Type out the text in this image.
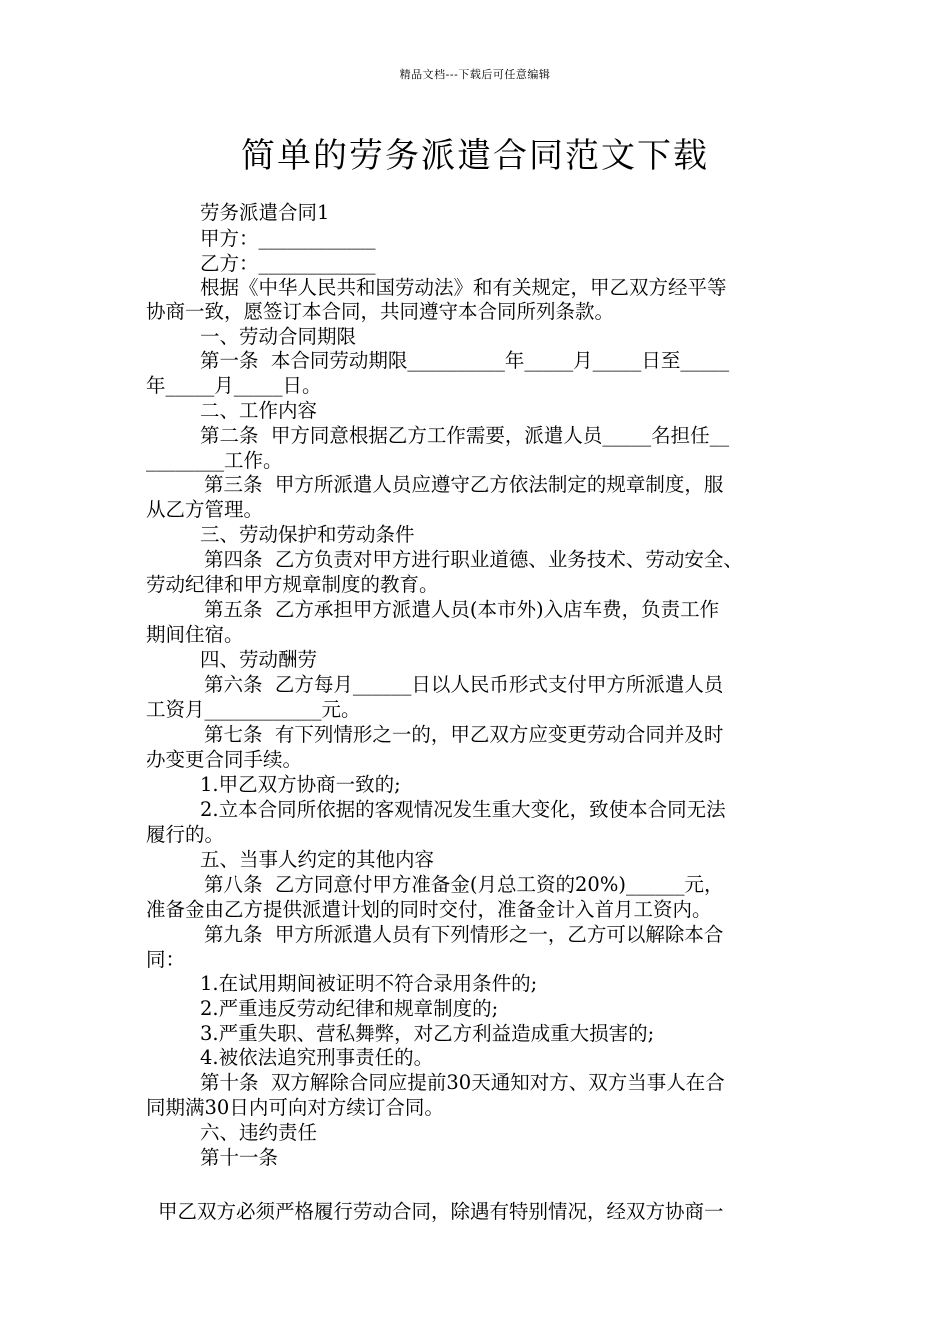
精品文档---下载后可任意编辑
简单的劳务派遣合同范文下载
劳务派遣合同1
甲方：____________
乙方：____________
根据《中华人民共和国劳动法》和有关规定，甲乙双方经平等
协商一致，愿签订本合同，共同遵守本合同所列条款。
一、劳动合同期限
第一条  本合同劳动期限__________年_____月_____日至_____
年_____月_____日。
二、工作内容
第二条  甲方同意根据乙方工作需要，派遣人员_____名担任__
________工作。
第三条  甲方所派遣人员应遵守乙方依法制定的规章制度，服
从乙方管理。
三、劳动保护和劳动条件
第四条  乙方负责对甲方进行职业道德、业务技术、劳动安全、
劳动纪律和甲方规章制度的教育。
第五条  乙方承担甲方派遣人员(本市外)入店车费，负责工作
期间住宿。
四、劳动酬劳
第六条  乙方每月______日以人民币形式支付甲方所派遣人员
工资月____________元。
第七条  有下列情形之一的，甲乙双方应变更劳动合同并及时
办变更合同手续。
1.甲乙双方协商一致的;
2.立本合同所依据的客观情况发生重大变化，致使本合同无法
履行的。
五、当事人约定的其他内容
第八条  乙方同意付甲方准备金(月总工资的20%)______元，
准备金由乙方提供派遣计划的同时交付，准备金计入首月工资内。
第九条  甲方所派遣人员有下列情形之一，乙方可以解除本合
同：
1.在试用期间被证明不符合录用条件的;
2.严重违反劳动纪律和规章制度的;
3.严重失职、营私舞弊，对乙方利益造成重大损害的;
4.被依法追究刑事责任的。
第十条  双方解除合同应提前30天通知对方、双方当事人在合
同期满30日内可向对方续订合同。
六、违约责任
第十一条
甲乙双方必须严格履行劳动合同，除遇有特别情况，经双方协商一
